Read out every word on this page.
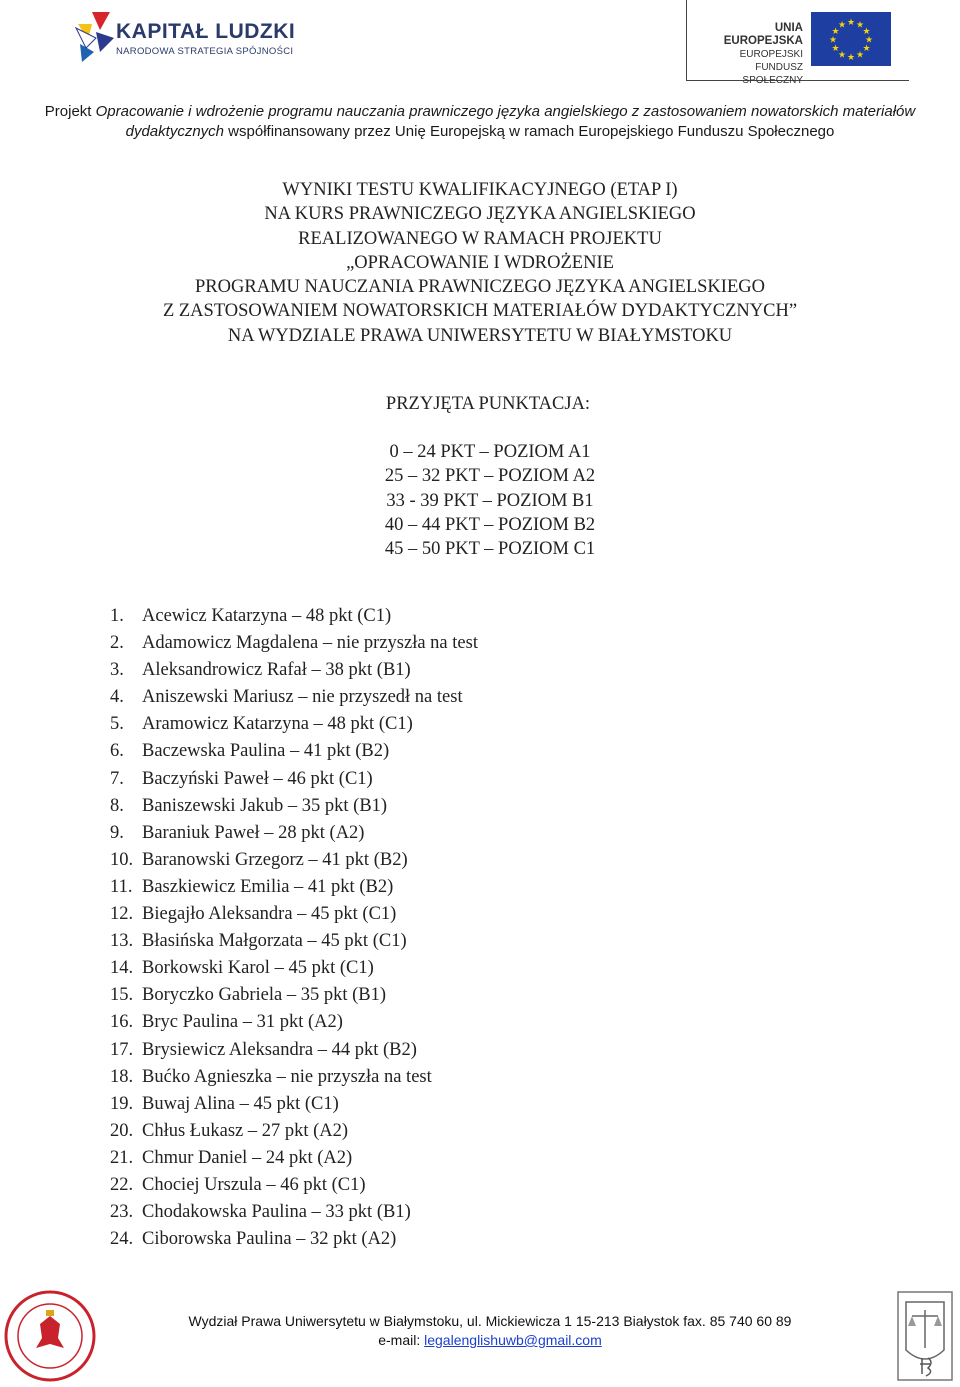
KAPITAŁ LUDZKI
NARODOWA STRATEGIA SPÓJNOŚCI
UNIA EUROPEJSKA
EUROPEJSKI
FUNDUSZ SPOŁECZNY
★ ★
★
★
★
★
★
★
★
★
★
★
Projekt Opracowanie i wdrożenie programu nauczania prawniczego języka angielskiego z zastosowaniem nowatorskich materiałów dydaktycznych współfinansowany przez Unię Europejską w ramach Europejskiego Funduszu Społecznego
WYNIKI TESTU KWALIFIKACYJNEGO (ETAP I)
NA KURS PRAWNICZEGO JĘZYKA ANGIELSKIEGO
REALIZOWANEGO W RAMACH PROJEKTU
„OPRACOWANIE I WDROŻENIE
PROGRAMU NAUCZANIA PRAWNICZEGO JĘZYKA ANGIELSKIEGO
Z ZASTOSOWANIEM NOWATORSKICH MATERIAŁÓW DYDAKTYCZNYCH”
NA WYDZIALE PRAWA UNIWERSYTETU W BIAŁYMSTOKU
PRZYJĘTA PUNKTACJA:
0 – 24 PKT – POZIOM A1
25 – 32 PKT – POZIOM A2
33 - 39 PKT – POZIOM B1
40 – 44 PKT – POZIOM B2
45 – 50 PKT – POZIOM C1
1. Acewicz Katarzyna – 48 pkt (C1)
2. Adamowicz Magdalena – nie przyszła na test
3. Aleksandrowicz Rafał – 38 pkt (B1)
4. Aniszewski Mariusz – nie przyszedł na test
5. Aramowicz Katarzyna – 48 pkt (C1)
6. Baczewska Paulina – 41 pkt (B2)
7. Baczyński Paweł – 46 pkt (C1)
8. Baniszewski Jakub – 35 pkt (B1)
9. Baraniuk Paweł – 28 pkt (A2)
10. Baranowski Grzegorz – 41 pkt (B2)
11. Baszkiewicz Emilia – 41 pkt (B2)
12. Biegajło Aleksandra – 45 pkt (C1)
13. Błasińska Małgorzata – 45 pkt (C1)
14. Borkowski Karol – 45 pkt (C1)
15. Boryczko Gabriela – 35 pkt (B1)
16. Bryc Paulina – 31 pkt (A2)
17. Brysiewicz Aleksandra – 44 pkt (B2)
18. Bućko Agnieszka – nie przyszła na test
19. Buwaj Alina – 45 pkt (C1)
20. Chłus Łukasz – 27 pkt (A2)
21. Chmur Daniel – 24 pkt (A2)
22. Chociej Urszula – 46 pkt (C1)
23. Chodakowska Paulina – 33 pkt (B1)
24. Ciborowska Paulina – 32 pkt (A2)
Wydział Prawa Uniwersytetu w Białymstoku, ul. Mickiewicza 1 15-213 Białystok fax. 85 740 60 89
e-mail: legalenglishuwb@gmail.com
